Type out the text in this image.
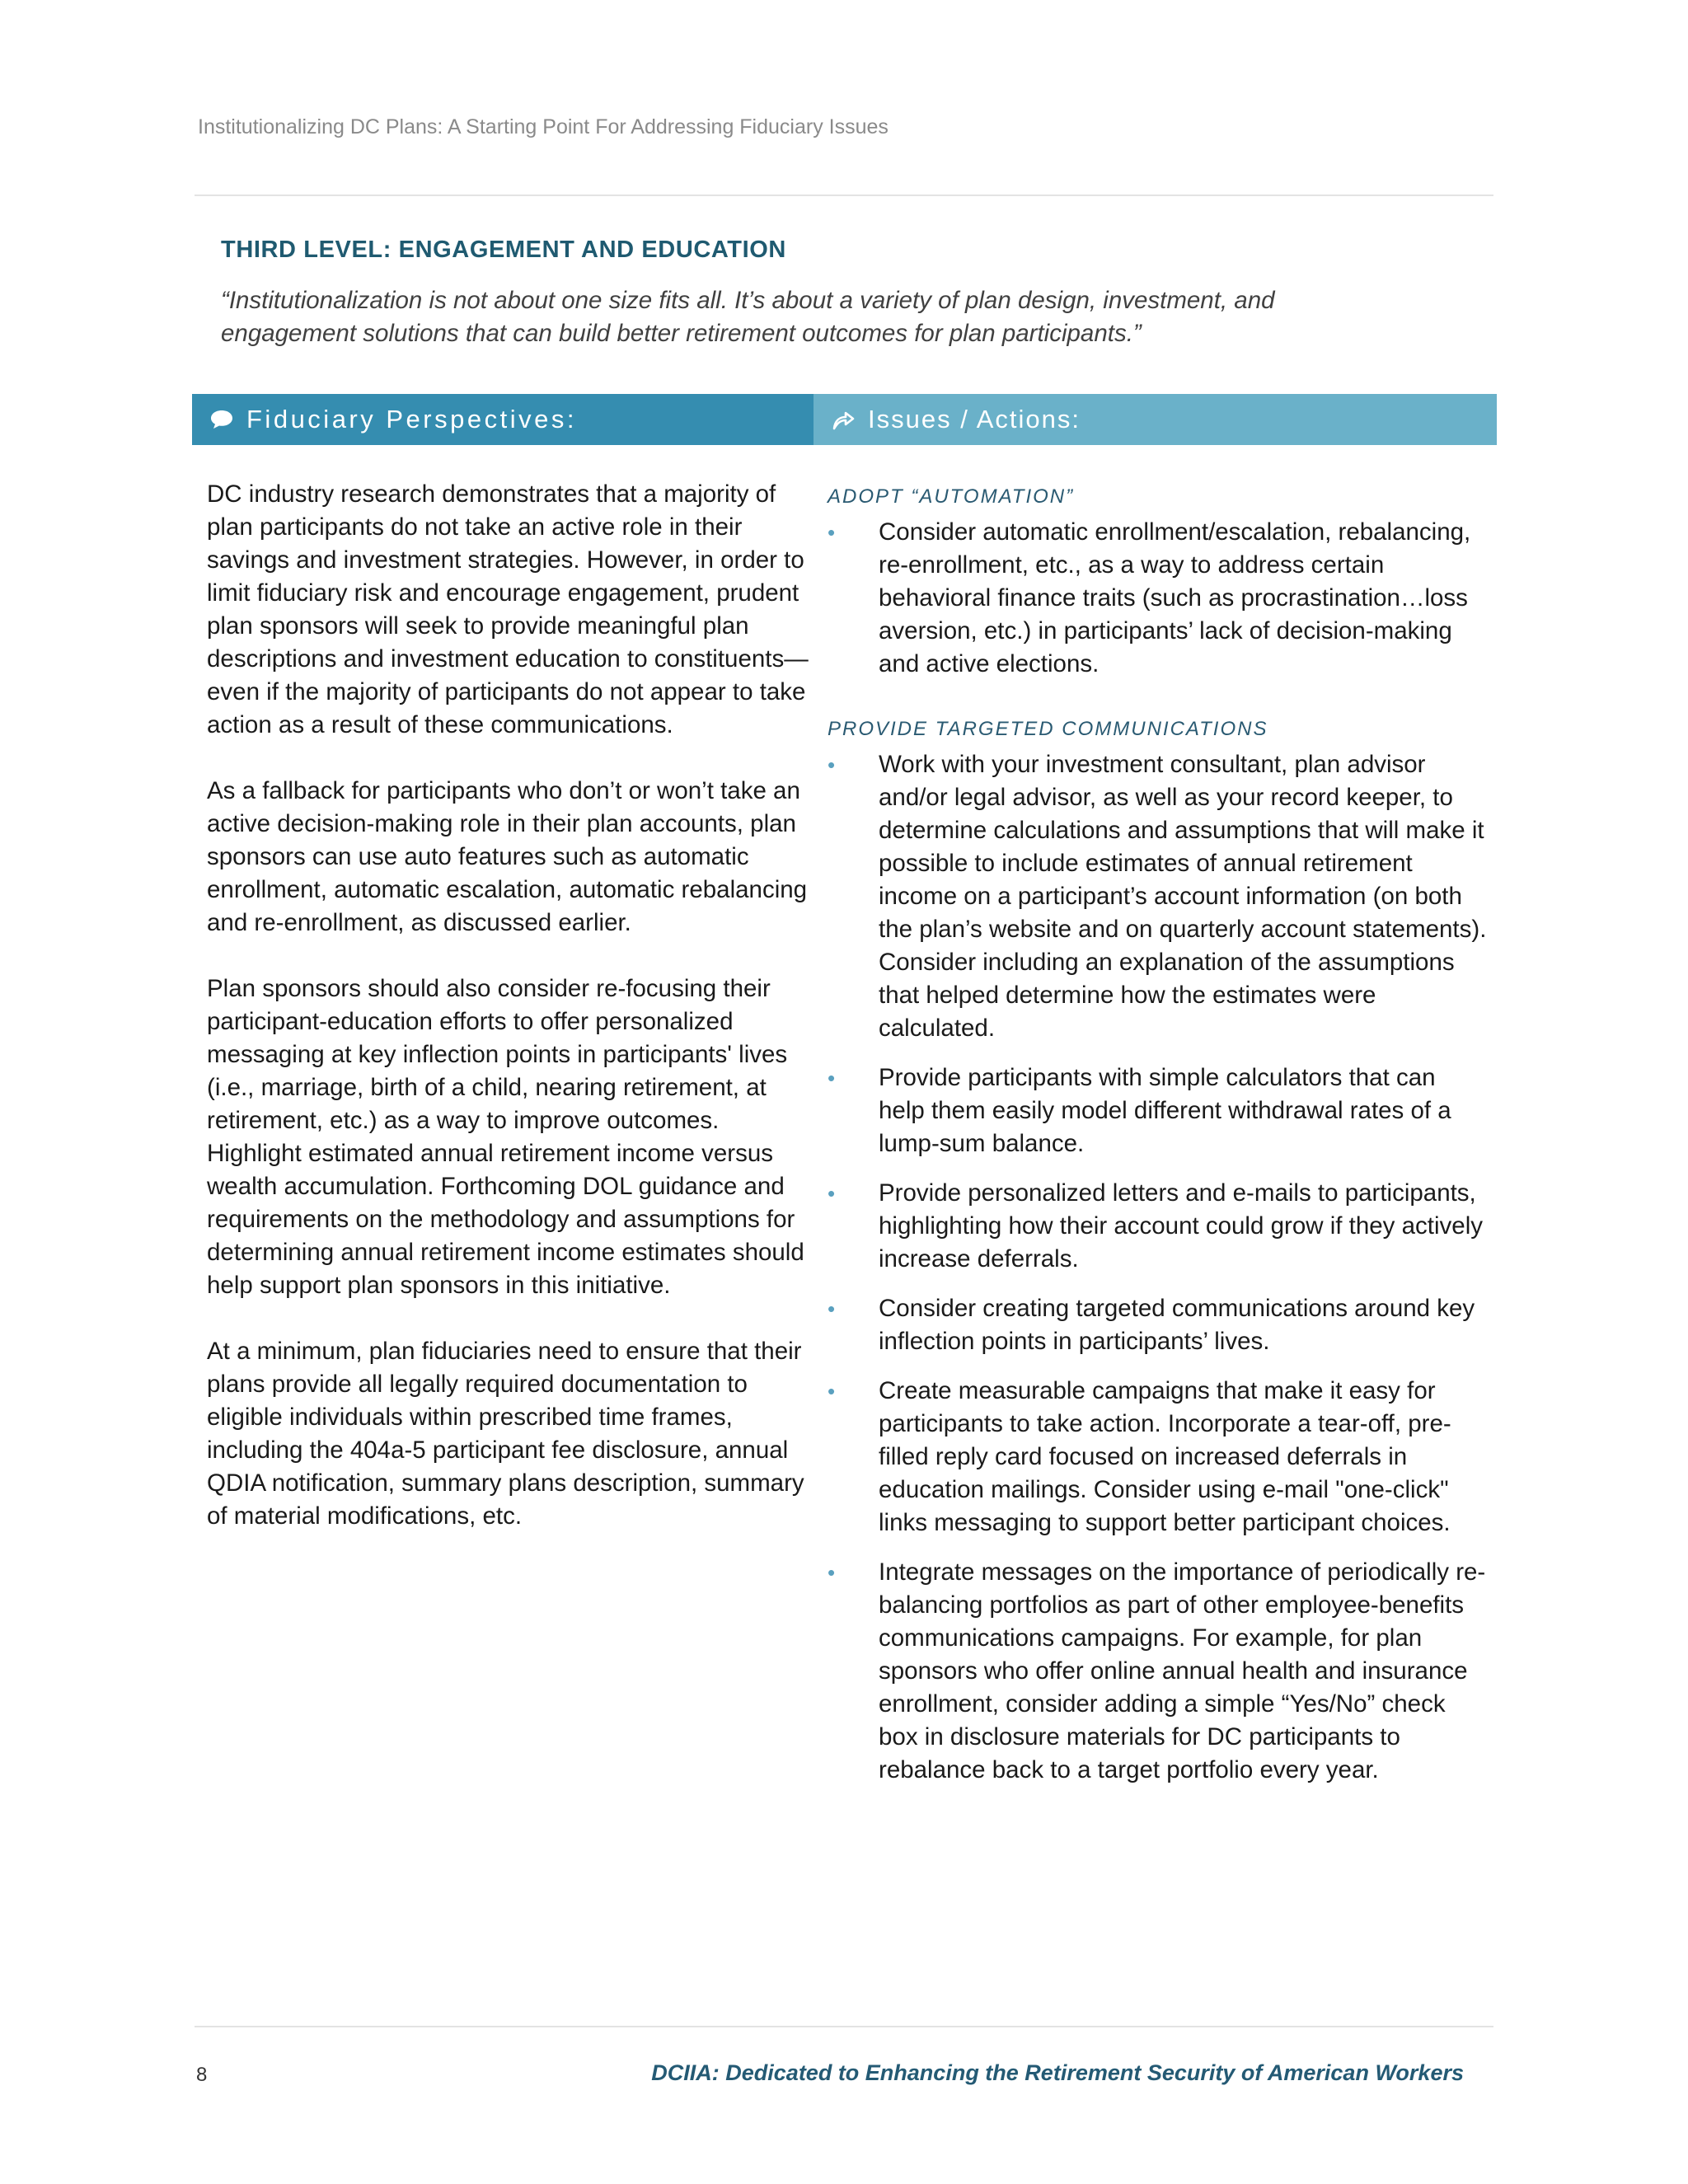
Institutionalizing DC Plans: A Starting Point For Addressing Fiduciary Issues
THIRD LEVEL: ENGAGEMENT AND EDUCATION
“Institutionalization is not about one size fits all. It’s about a variety of plan design, investment, and engagement solutions that can build better retirement outcomes for plan participants.”
Fiduciary Perspectives:	Issues / Actions:

DC industry research demonstrates that a majority of plan participants do not take an active role in their savings and investment strategies. However, in order to limit fiduciary risk and encourage engagement, prudent plan sponsors will seek to provide meaningful plan descriptions and investment education to constituents—even if the majority of participants do not appear to take action as a result of these communications.

As a fallback for participants who don’t or won’t take an active decision-making role in their plan accounts, plan sponsors can use auto features such as automatic enrollment, automatic escalation, automatic rebalancing and re-enrollment, as discussed earlier.

Plan sponsors should also consider re-focusing their participant-education efforts to offer personalized messaging at key inflection points in participants' lives (i.e., marriage, birth of a child, nearing retirement, at retirement, etc.) as a way to improve outcomes. Highlight estimated annual retirement income versus wealth accumulation. Forthcoming DOL guidance and requirements on the methodology and assumptions for determining annual retirement income estimates should help support plan sponsors in this initiative.

At a minimum, plan fiduciaries need to ensure that their plans provide all legally required documentation to eligible individuals within prescribed time frames, including the 404a-5 participant fee disclosure, annual QDIA notification, summary plans description, summary of material modifications, etc.

ADOPT “AUTOMATION”
•	Consider automatic enrollment/escalation, rebalancing, re-enrollment, etc., as a way to address certain behavioral finance traits (such as procrastination…loss aversion, etc.) in participants’ lack of decision-making and active elections.
PROVIDE TARGETED COMMUNICATIONS
•	Work with your investment consultant, plan advisor and/or legal advisor, as well as your record keeper, to determine calculations and assumptions that will make it possible to include estimates of annual retirement income on a participant’s account information (on both the plan’s website and on quarterly account statements). Consider including an explanation of the assumptions that helped determine how the estimates were calculated.
•	Provide participants with simple calculators that can help them easily model different withdrawal rates of a lump-sum balance.
•	Provide personalized letters and e-mails to participants, highlighting how their account could grow if they actively increase deferrals.
•	Consider creating targeted communications around key inflection points in participants’ lives.
•	Create measurable campaigns that make it easy for participants to take action. Incorporate a tear-off, pre-filled reply card focused on increased deferrals in education mailings. Consider using e-mail "one-click" links messaging to support better participant choices.
•	Integrate messages on the importance of periodically re-balancing portfolios as part of other employee-benefits communications campaigns. For example, for plan sponsors who offer online annual health and insurance enrollment, consider adding a simple “Yes/No” check box in disclosure materials for DC participants to rebalance back to a target portfolio every year.
8	DCIIA: Dedicated to Enhancing the Retirement Security of American Workers
